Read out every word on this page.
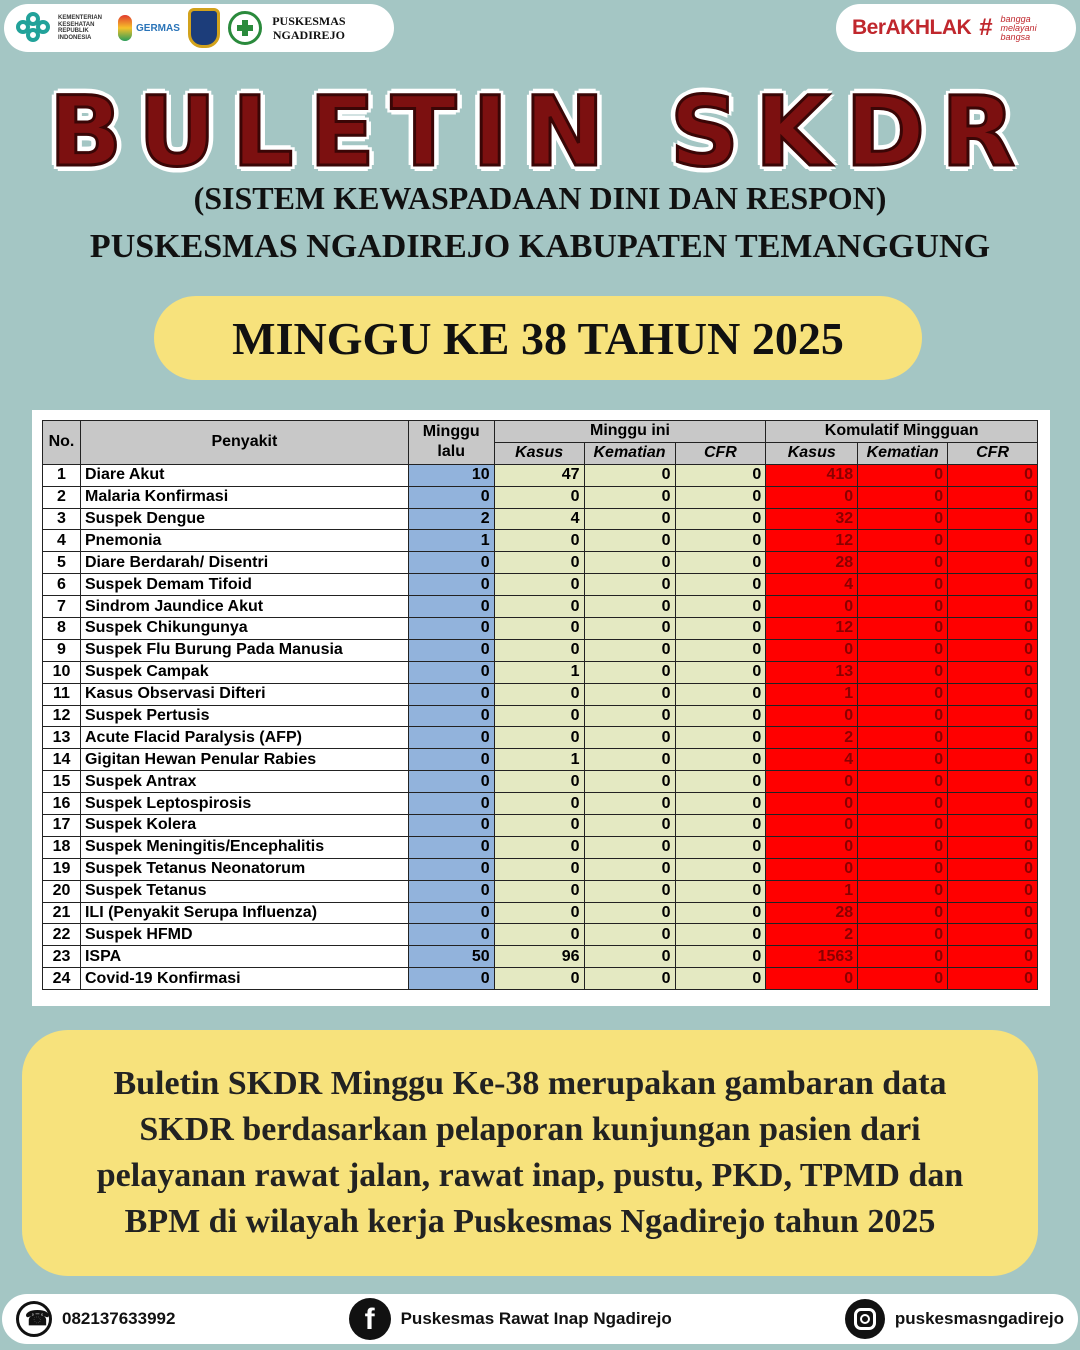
KEMENTERIAN KESEHATAN REPUBLIK INDONESIA
GERMAS	PUSKESMAS NGADIREJO	BerAKHLAK # bangga melayani bangsa
BULETIN SKDR
(SISTEM KEWASPADAAN DINI DAN RESPON)
PUSKESMAS NGADIREJO KABUPATEN TEMANGGUNG
MINGGU KE 38 TAHUN 2025
No.	Penyakit	Minggu lalu	Minggu ini			Komulatif Mingguan		
			Kasus	Kematian	CFR	Kasus	Kematian	CFR
1	Diare Akut	10	47	0	0	418	0	0
2	Malaria Konfirmasi	0	0	0	0	0	0	0
3	Suspek Dengue	2	4	0	0	32	0	0
4	Pnemonia	1	0	0	0	12	0	0
5	Diare Berdarah/ Disentri	0	0	0	0	28	0	0
6	Suspek Demam Tifoid	0	0	0	0	4	0	0
7	Sindrom Jaundice Akut	0	0	0	0	0	0	0
8	Suspek Chikungunya	0	0	0	0	12	0	0
9	Suspek Flu Burung Pada Manusia	0	0	0	0	0	0	0
10	Suspek Campak	0	1	0	0	13	0	0
11	Kasus Observasi Difteri	0	0	0	0	1	0	0
12	Suspek Pertusis	0	0	0	0	0	0	0
13	Acute Flacid Paralysis (AFP)	0	0	0	0	2	0	0
14	Gigitan Hewan Penular Rabies	0	1	0	0	4	0	0
15	Suspek Antrax	0	0	0	0	0	0	0
16	Suspek Leptospirosis	0	0	0	0	0	0	0
17	Suspek Kolera	0	0	0	0	0	0	0
18	Suspek Meningitis/Encephalitis	0	0	0	0	0	0	0
19	Suspek Tetanus Neonatorum	0	0	0	0	0	0	0
20	Suspek Tetanus	0	0	0	0	1	0	0
21	ILI (Penyakit Serupa Influenza)	0	0	0	0	28	0	0
22	Suspek HFMD	0	0	0	0	2	0	0
23	ISPA	50	96	0	0	1563	0	0
24	Covid-19 Konfirmasi	0	0	0	0	0	0	0
Buletin SKDR Minggu Ke-38 merupakan gambaran data SKDR berdasarkan pelaporan kunjungan pasien dari pelayanan rawat jalan, rawat inap, pustu, PKD, TPMD dan BPM di wilayah kerja Puskesmas Ngadirejo tahun 2025
☎
082137633992	f	Puskesmas Rawat Inap Ngadirejo	puskesmasngadirejo
